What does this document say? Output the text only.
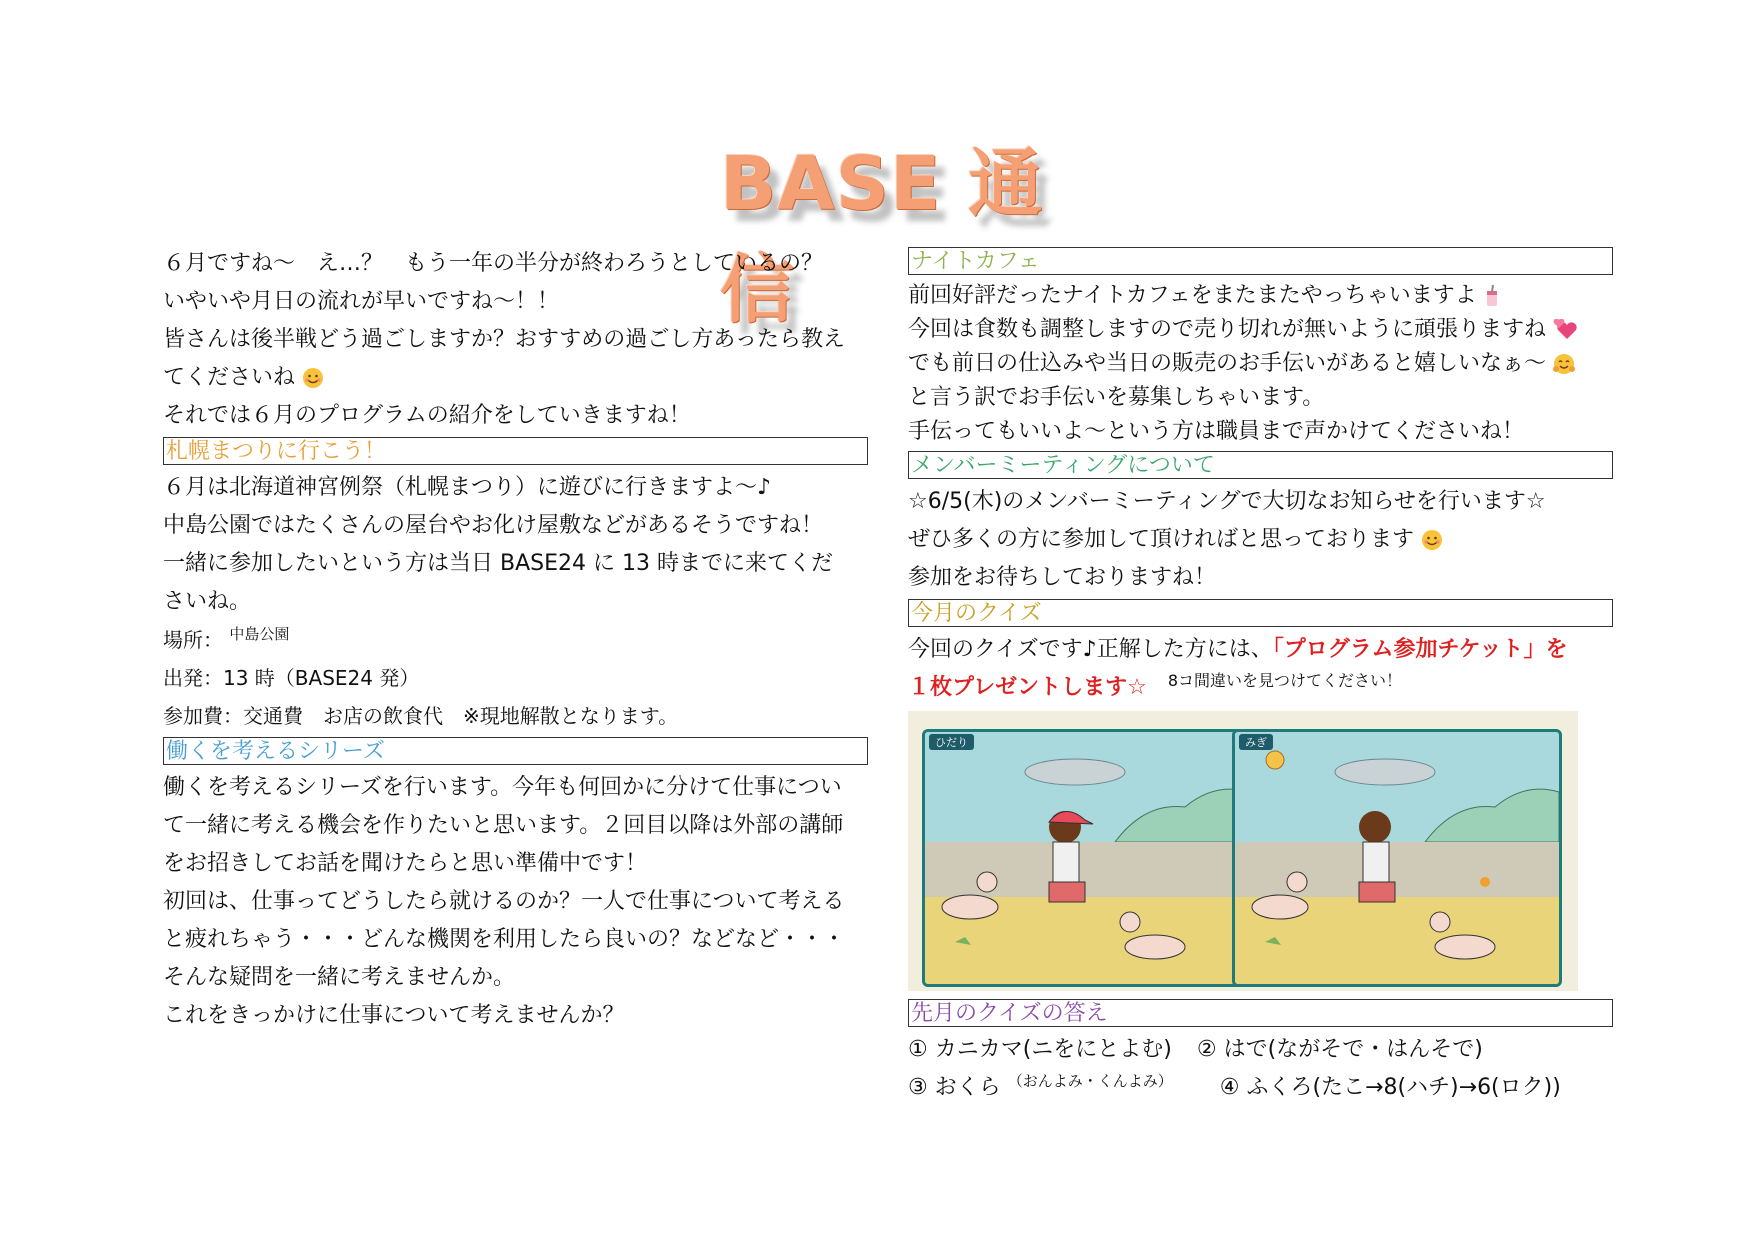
BASE 通信
６月ですね～　え…？　もう一年の半分が終わろうとしているの？
いやいや月日の流れが早いですね～！！
皆さんは後半戦どう過ごしますか？おすすめの過ごし方あったら教え
てくださいね
それでは６月のプログラムの紹介をしていきますね！
札幌まつりに行こう！
６月は北海道神宮例祭（札幌まつり）に遊びに行きますよ～♪
中島公園ではたくさんの屋台やお化け屋敷などがあるそうですね！
一緒に参加したいという方は当日 BASE24 に 13 時までに来てくだ
さいね。
場所： $^{中島公園}$
出発：13 時（BASE24 発）
参加費：交通費　お店の飲食代　※現地解散となります。
働くを考えるシリーズ
働くを考えるシリーズを行います。今年も何回かに分けて仕事につい
て一緒に考える機会を作りたいと思います。２回目以降は外部の講師
をお招きしてお話を聞けたらと思い準備中です！
初回は、仕事ってどうしたら就けるのか？一人で仕事について考える
と疲れちゃう・・・どんな機関を利用したら良いの？などなど・・・
そんな疑問を一緒に考えませんか。
これをきっかけに仕事について考えませんか？
ナイトカフェ
前回好評だったナイトカフェをまたまたやっちゃいますよ
今回は食数も調整しますので売り切れが無いように頑張りますね
でも前日の仕込みや当日の販売のお手伝いがあると嬉しいなぁ～
と言う訳でお手伝いを募集しちゃいます。
手伝ってもいいよ～という方は職員まで声かけてくださいね！
メンバーミーティングについて
☆6/5(木)のメンバーミーティングで大切なお知らせを行います☆
ぜひ多くの方に参加して頂ければと思っております
参加をお待ちしておりますね！
今月のクイズ
今回のクイズです♪正解した方には、「プログラム参加チケット」を
１枚プレゼントします☆ $^{8コ間違いを見つけてください!}$
ひだり	みぎ
先月のクイズの答え
① カニカマ(ニをにとよむ) ② はで(ながそで・はんそで)
③ おくら $^{(おんよみ・くんよみ)}$ ④ ふくろ(たこ→8(ハチ)→6(ロク))
